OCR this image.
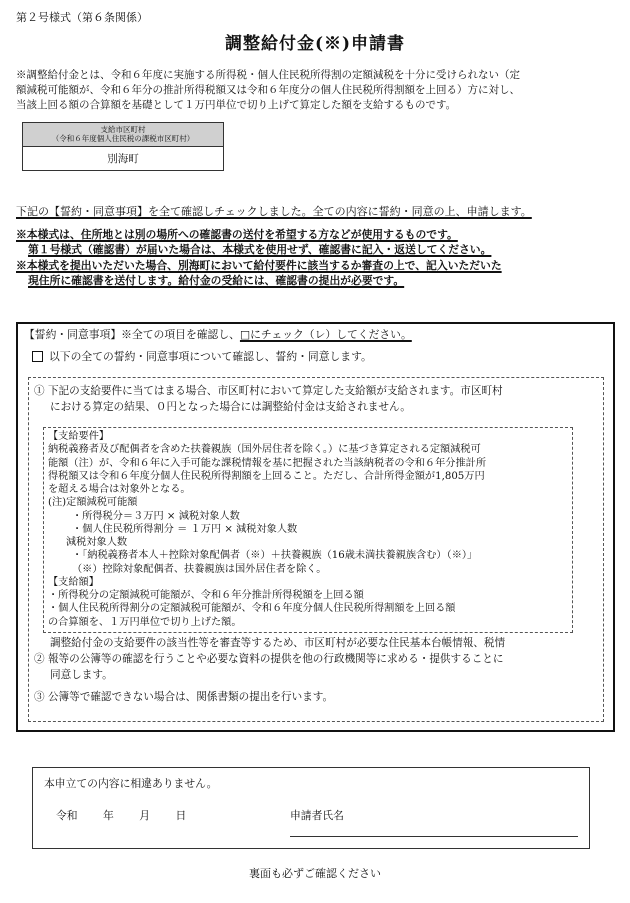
第２号様式（第６条関係）
調整給付金(※)申請書
※調整給付金とは、令和６年度に実施する所得税・個人住民税所得割の定額減税を十分に受けられない（定
額減税可能額が、令和６年分の推計所得税額又は令和６年度分の個人住民税所得割額を上回る）方に対し、
当該上回る額の合算額を基礎として１万円単位で切り上げて算定した額を支給するものです。
支給市区町村
（令和６年度個人住民税の課税市区町村）
別海町
下記の【誓約・同意事項】を全て確認しチェックしました。全ての内容に誓約・同意の上、申請します。
※本様式は、住所地とは別の場所への確認書の送付を希望する方などが使用するものです。
第１号様式（確認書）が届いた場合は、本様式を使用せず、確認書に記入・返送してください。
※本様式を提出いただいた場合、別海町において給付要件に該当するか審査の上で、記入いただいた
現住所に確認書を送付します。給付金の受給には、確認書の提出が必要です。
【誓約・同意事項】※全ての項目を確認し、□にチェック（レ）してください。
以下の全ての誓約・同意事項について確認し、誓約・同意します。
① 下記の支給要件に当てはまる場合、市区町村において算定した支給額が支給されます。市区町村
における算定の結果、０円となった場合には調整給付金は支給されません。
【支給要件】
納税義務者及び配偶者を含めた扶養親族（国外居住者を除く。）に基づき算定される定額減税可
能額（注）が、令和６年に入手可能な課税情報を基に把握された当該納税者の令和６年分推計所
得税額又は令和６年度分個人住民税所得割額を上回ること。ただし、合計所得金額が1,805万円
を超える場合は対象外となる。
(注)定額減税可能額
・所得税分＝３万円 × 減税対象人数
・個人住民税所得割分 ＝ １万円 × 減税対象人数
減税対象人数
・「納税義務者本人＋控除対象配偶者（※）＋扶養親族（16歳未満扶養親族含む）（※）」
（※）控除対象配偶者、扶養親族は国外居住者を除く。
【支給額】
・所得税分の定額減税可能額が、令和６年分推計所得税額を上回る額
・個人住民税所得割分の定額減税可能額が、令和６年度分個人住民税所得割額を上回る額
の合算額を、１万円単位で切り上げた額。
調整給付金の支給要件の該当性等を審査等するため、市区町村が必要な住民基本台帳情報、税情
② 報等の公簿等の確認を行うことや必要な資料の提供を他の行政機関等に求める・提供することに
同意します。
③ 公簿等で確認できない場合は、関係書類の提出を行います。
本申立ての内容に相違ありません。
令和 年 月 日	申請者氏名
裏面も必ずご確認ください
